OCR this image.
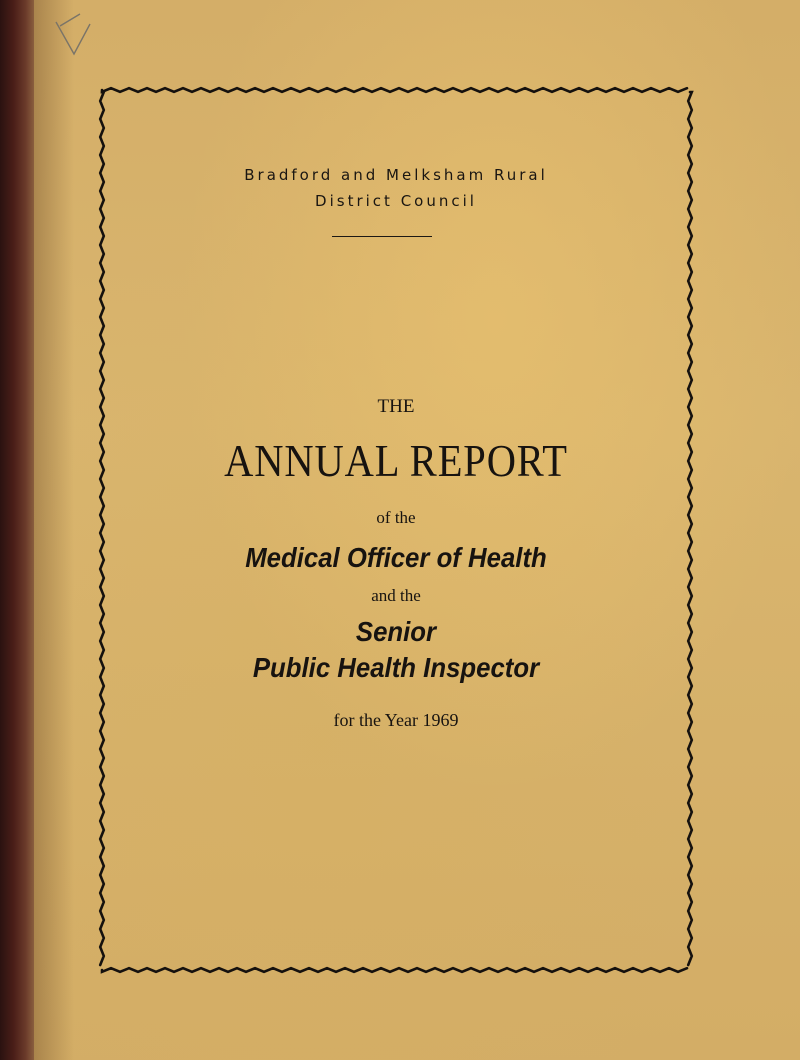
Bradford and Melksham Rural
District Council
THE
ANNUAL REPORT
of the
Medical Officer of Health
and the
Senior
Public Health Inspector
for the Year 1969
